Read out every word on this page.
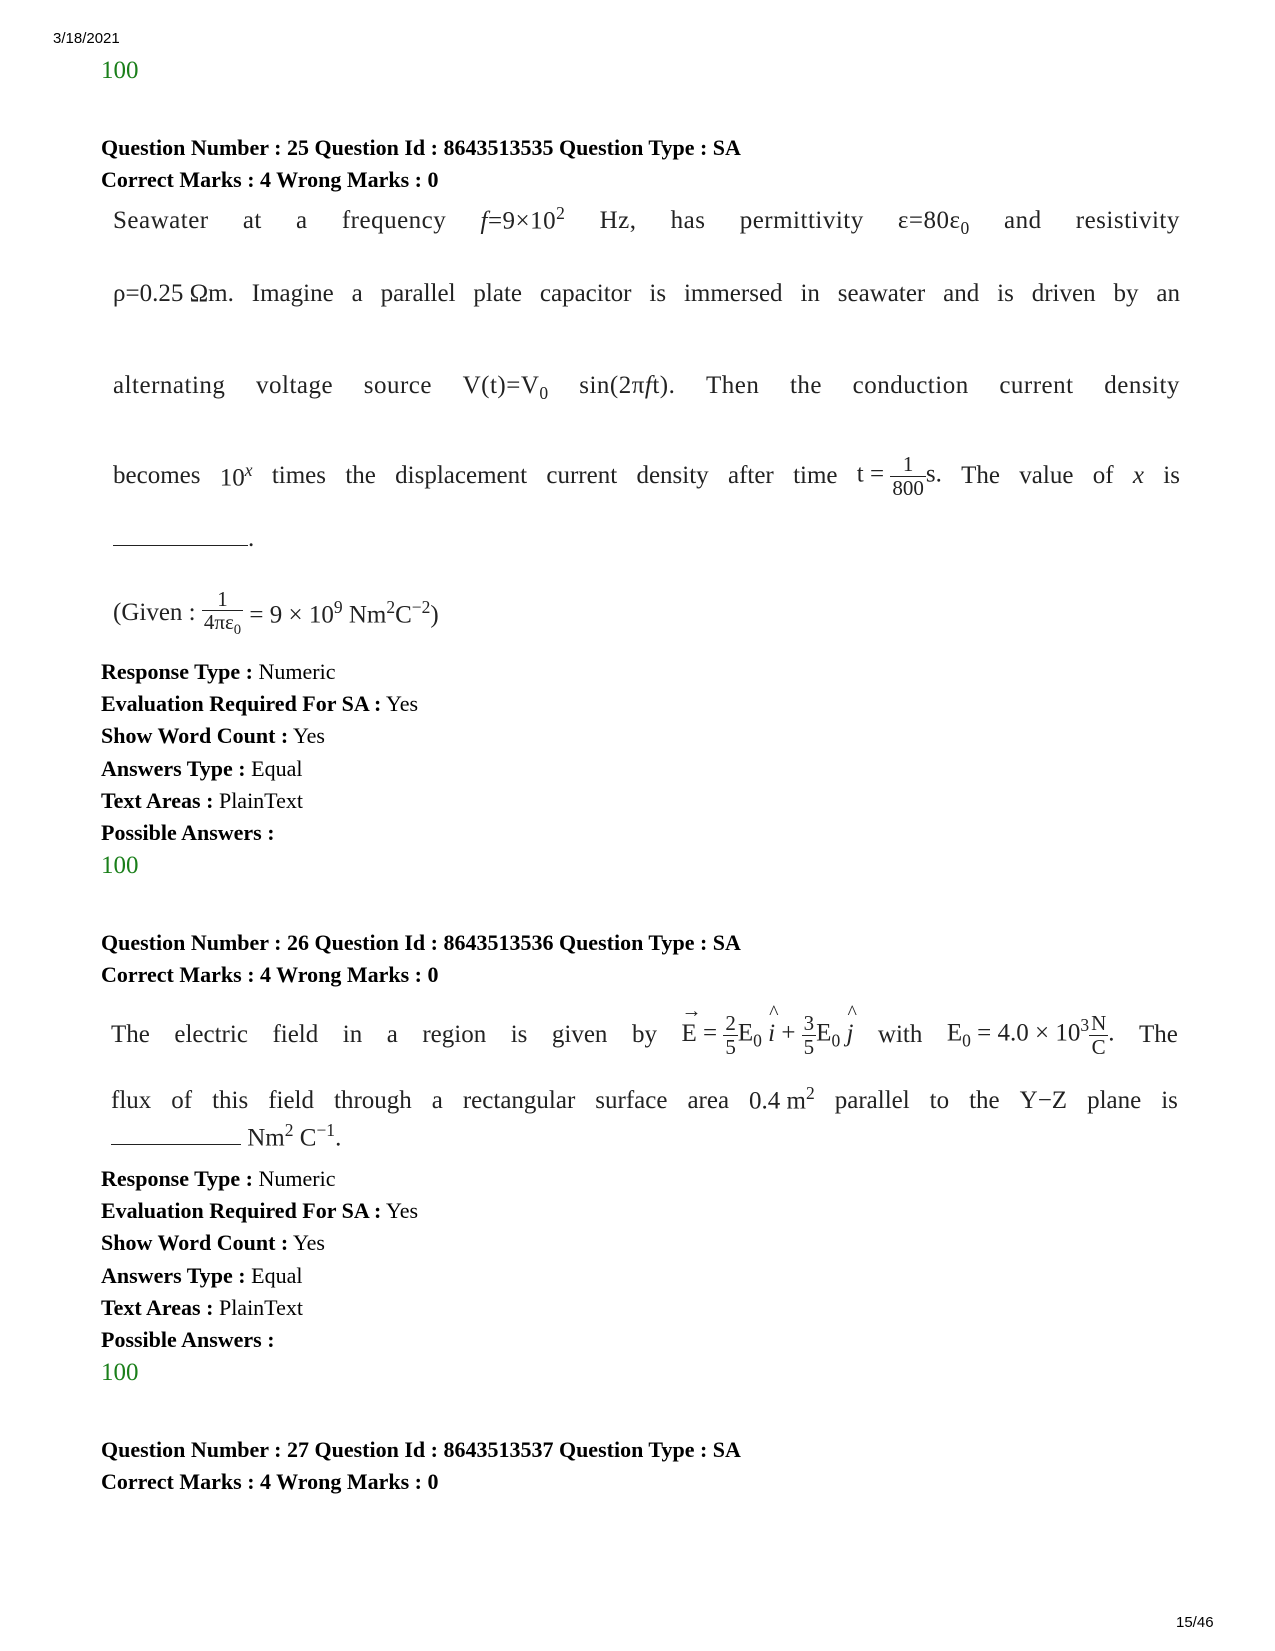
3/18/2021
100
Question Number : 25 Question Id : 8643513535 Question Type : SA
Correct Marks : 4 Wrong Marks : 0
Seawater at a frequency $f=9\times 10^2$ Hz, has permittivity $\varepsilon=80\varepsilon_0$ and resistivity
ρ=0.25 Ωm. Imagine a parallel plate capacitor is immersed in seawater and is driven by an
alternating voltage source $V(t)=V_0$ sin(2πft). Then the conduction current density
becomes 10$^x$ times the displacement current density after time $t = \frac{1}{800} s$. The value of x is
.
(Given : $\frac{1}{4\pi\varepsilon_0} = 9 \times 10^9$ $Nm^2C^{-2}$)
Response Type : Numeric
Evaluation Required For SA : Yes
Show Word Count : Yes
Answers Type : Equal
Text Areas : PlainText
Possible Answers :
100
Question Number : 26 Question Id : 8643513536 Question Type : SA
Correct Marks : 4 Wrong Marks : 0
The electric field in a region is given by → $E = \frac{2}{5} E_0$ ^ $i + \frac{3}{5} E_0$ ^ j with $E_0 = 4.0 \times 10^3 \frac{N}{C}$ . The
flux of this field through a rectangular surface area 0.4 $m^2$ parallel to the Y−Z plane is
Nm$^2$ $C^{-1}$.
Response Type : Numeric
Evaluation Required For SA : Yes
Show Word Count : Yes
Answers Type : Equal
Text Areas : PlainText
Possible Answers :
100
Question Number : 27 Question Id : 8643513537 Question Type : SA
Correct Marks : 4 Wrong Marks : 0
15/46
